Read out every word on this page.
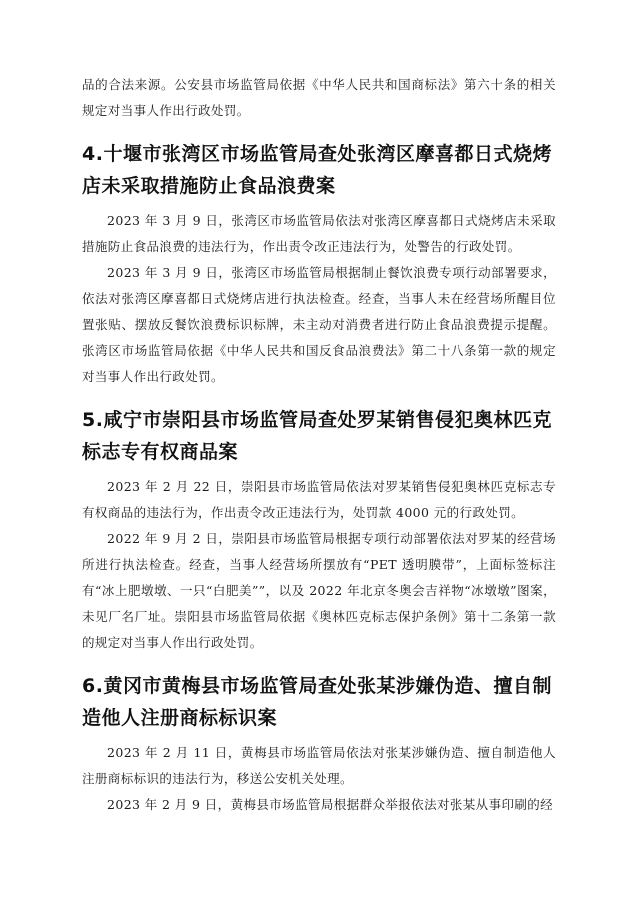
品的合法来源。公安县市场监管局依据《中华人民共和国商标法》第六十条的相关规定对当事人作出行政处罚。

4.十堰市张湾区市场监管局查处张湾区摩喜都日式烧烤店未采取措施防止食品浪费案

2023 年 3 月 9 日，张湾区市场监管局依法对张湾区摩喜都日式烧烤店未采取措施防止食品浪费的违法行为，作出责令改正违法行为，处警告的行政处罚。

2023 年 3 月 9 日，张湾区市场监管局根据制止餐饮浪费专项行动部署要求，依法对张湾区摩喜都日式烧烤店进行执法检查。经查，当事人未在经营场所醒目位置张贴、摆放反餐饮浪费标识标牌，未主动对消费者进行防止食品浪费提示提醒。张湾区市场监管局依据《中华人民共和国反食品浪费法》第二十八条第一款的规定对当事人作出行政处罚。

5.咸宁市崇阳县市场监管局查处罗某销售侵犯奥林匹克标志专有权商品案

2023 年 2 月 22 日，崇阳县市场监管局依法对罗某销售侵犯奥林匹克标志专有权商品的违法行为，作出责令改正违法行为，处罚款 4000 元的行政处罚。

2022 年 9 月 2 日，崇阳县市场监管局根据专项行动部署依法对罗某的经营场所进行执法检查。经查，当事人经营场所摆放有“PET 透明膜带”，上面标签标注有“冰上肥墩墩、一只“白肥美””，以及 2022 年北京冬奥会吉祥物“冰墩墩”图案，未见厂名厂址。崇阳县市场监管局依据《奥林匹克标志保护条例》第十二条第一款的规定对当事人作出行政处罚。

6.黄冈市黄梅县市场监管局查处张某涉嫌伪造、擅自制造他人注册商标标识案

2023 年 2 月 11 日，黄梅县市场监管局依法对张某涉嫌伪造、擅自制造他人注册商标标识的违法行为，移送公安机关处理。

2023 年 2 月 9 日，黄梅县市场监管局根据群众举报依法对张某从事印刷的经
